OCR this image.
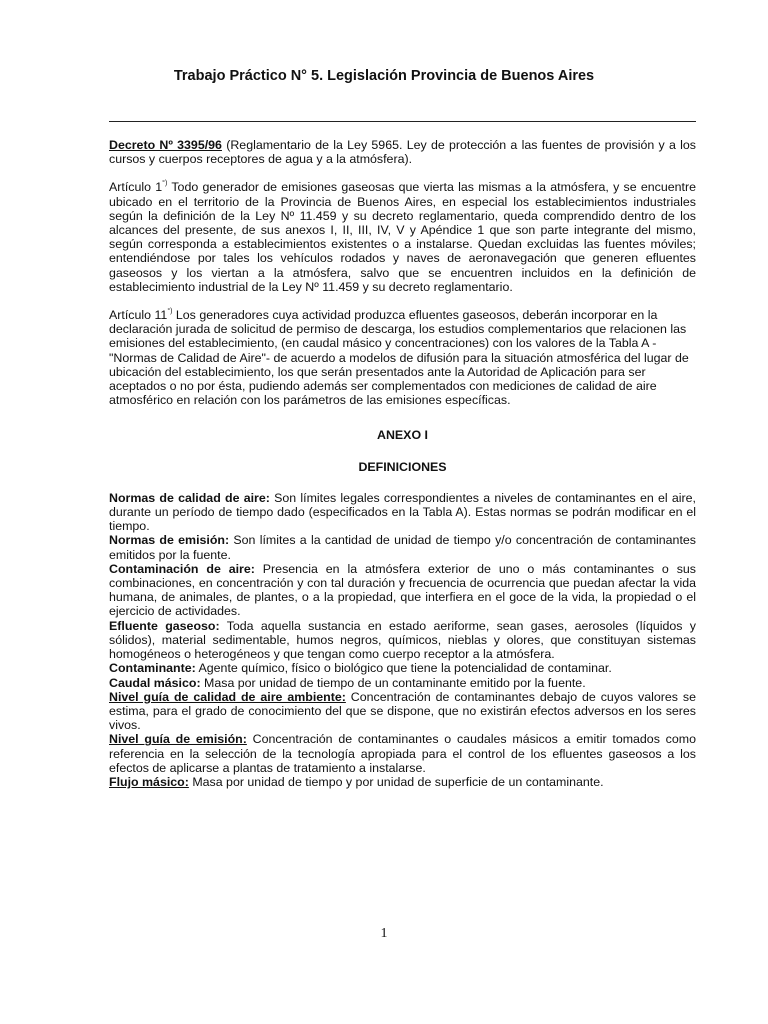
Trabajo Práctico N° 5. Legislación Provincia de Buenos Aires

Decreto Nº 3395/96 (Reglamentario de la Ley 5965. Ley de protección a las fuentes de provisión y a los cursos y cuerpos receptores de agua y a la atmósfera).

Artículo 1°) Todo generador de emisiones gaseosas que vierta las mismas a la atmósfera, y se encuentre ubicado en el territorio de la Provincia de Buenos Aires, en especial los establecimientos industriales según la definición de la Ley Nº 11.459 y su decreto reglamentario, queda comprendido dentro de los alcances del presente, de sus anexos I, II, III, IV, V y Apéndice 1 que son parte integrante del mismo, según corresponda a establecimientos existentes o a instalarse. Quedan excluidas las fuentes móviles; entendiéndose por tales los vehículos rodados y naves de aeronavegación que generen efluentes gaseosos y los viertan a la atmósfera, salvo que se encuentren incluidos en la definición de establecimiento industrial de la Ley Nº 11.459 y su decreto reglamentario.

Artículo 11°) Los generadores cuya actividad produzca efluentes gaseosos, deberán incorporar en la declaración jurada de solicitud de permiso de descarga, los estudios complementarios que relacionen las emisiones del establecimiento, (en caudal másico y concentraciones) con los valores de la Tabla A - "Normas de Calidad de Aire"- de acuerdo a modelos de difusión para la situación atmosférica del lugar de ubicación del establecimiento, los que serán presentados ante la Autoridad de Aplicación para ser aceptados o no por ésta, pudiendo además ser complementados con mediciones de calidad de aire atmosférico en relación con los parámetros de las emisiones específicas.

ANEXO I

DEFINICIONES

Normas de calidad de aire: Son límites legales correspondientes a niveles de contaminantes en el aire, durante un período de tiempo dado (especificados en la Tabla A). Estas normas se podrán modificar en el tiempo.

Normas de emisión: Son límites a la cantidad de unidad de tiempo y/o concentración de contaminantes emitidos por la fuente.

Contaminación de aire: Presencia en la atmósfera exterior de uno o más contaminantes o sus combinaciones, en concentración y con tal duración y frecuencia de ocurrencia que puedan afectar la vida humana, de animales, de plantes, o a la propiedad, que interfiera en el goce de la vida, la propiedad o el ejercicio de actividades.

Efluente gaseoso: Toda aquella sustancia en estado aeriforme, sean gases, aerosoles (líquidos y sólidos), material sedimentable, humos negros, químicos, nieblas y olores, que constituyan sistemas homogéneos o heterogéneos y que tengan como cuerpo receptor a la atmósfera.

Contaminante: Agente químico, físico o biológico que tiene la potencialidad de contaminar.

Caudal másico: Masa por unidad de tiempo de un contaminante emitido por la fuente.

Nivel guía de calidad de aire ambiente: Concentración de contaminantes debajo de cuyos valores se estima, para el grado de conocimiento del que se dispone, que no existirán efectos adversos en los seres vivos.

Nivel guía de emisión: Concentración de contaminantes o caudales másicos a emitir tomados como referencia en la selección de la tecnología apropiada para el control de los efluentes gaseosos a los efectos de aplicarse a plantas de tratamiento a instalarse.

Flujo másico: Masa por unidad de tiempo y por unidad de superficie de un contaminante.

1
